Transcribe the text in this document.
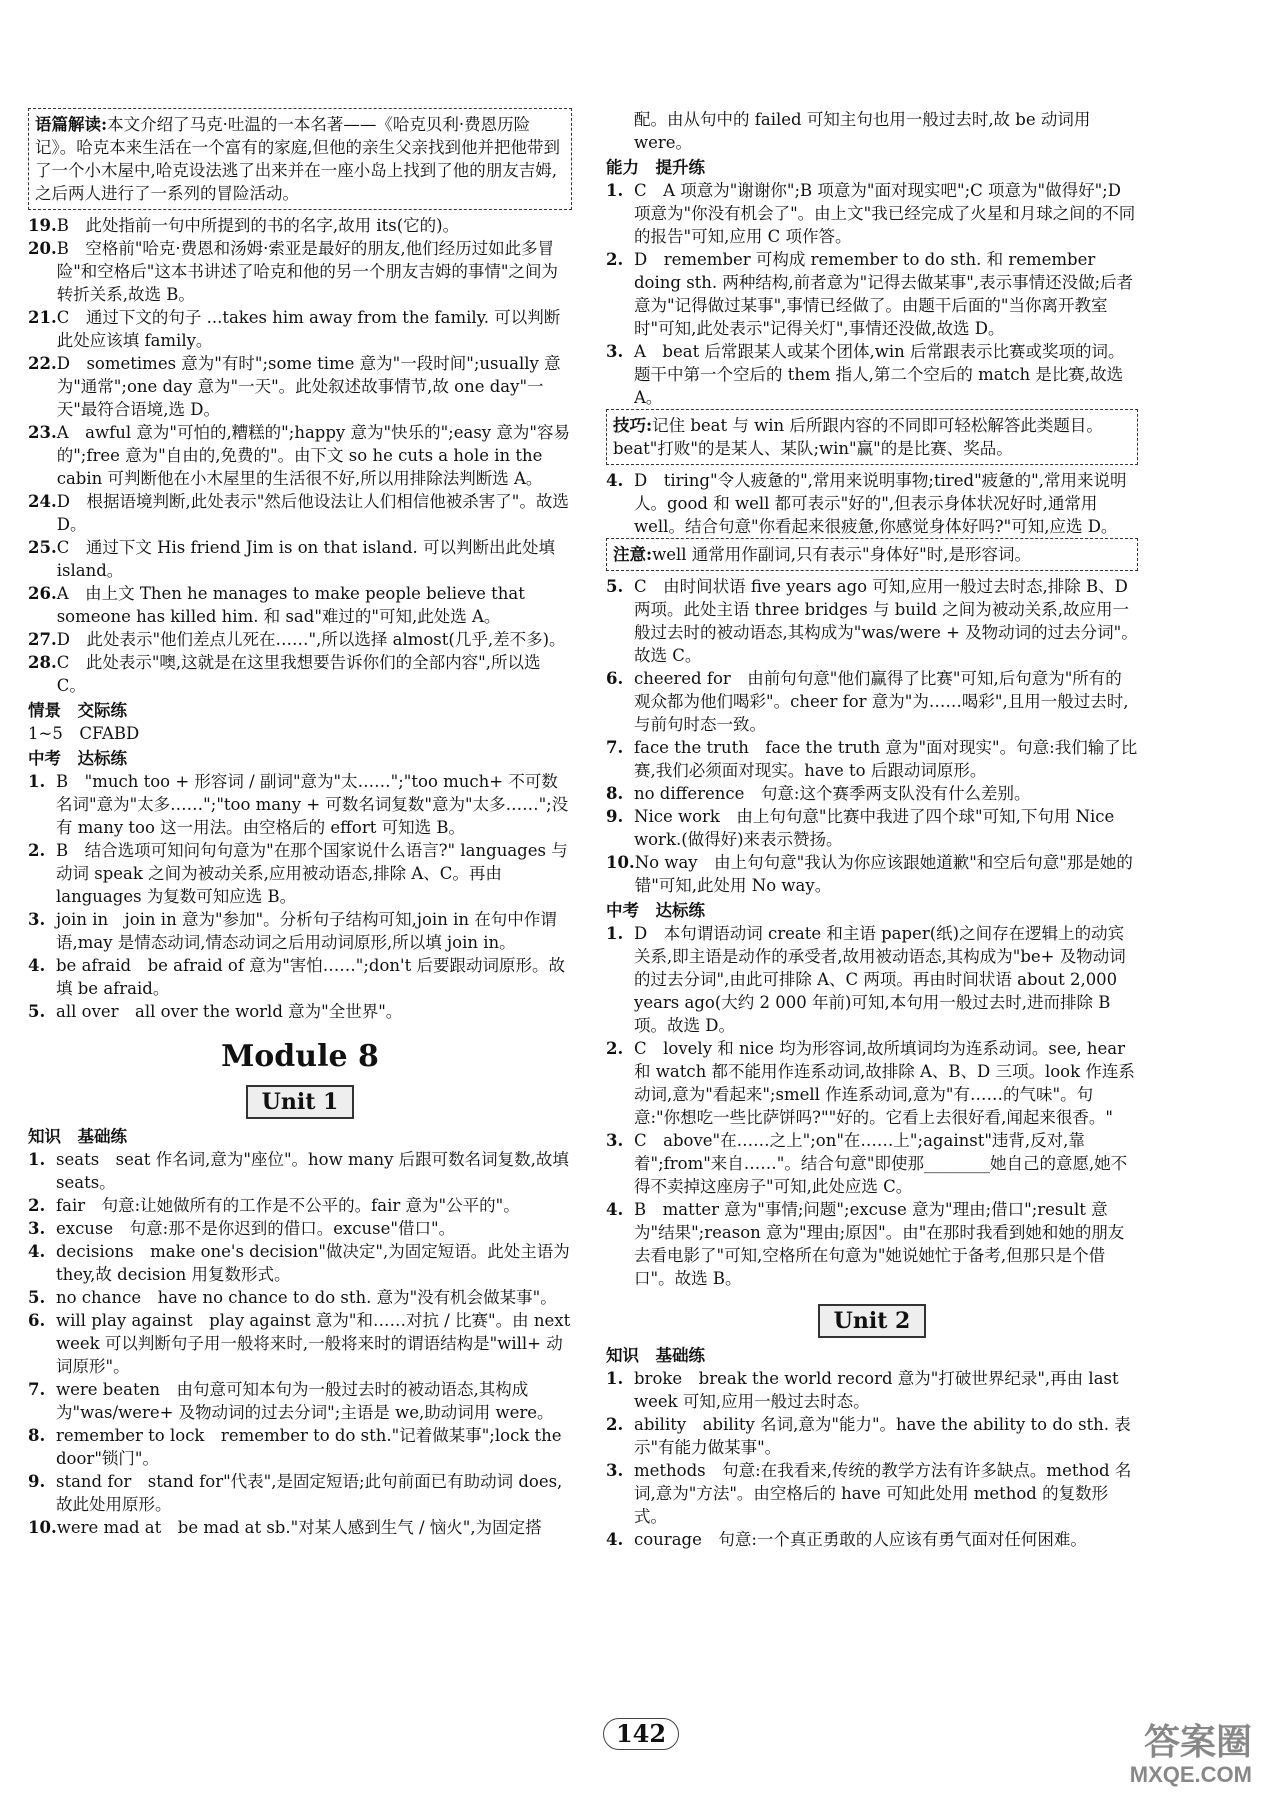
语篇解读:本文介绍了马克·吐温的一本名著——《哈克贝利·费恩历险记》。哈克本来生活在一个富有的家庭,但他的亲生父亲找到他并把他带到了一个小木屋中,哈克设法逃了出来并在一座小岛上找到了他的朋友吉姆,之后两人进行了一系列的冒险活动。
19. B　此处指前一句中所提到的书的名字,故用 its(它的)。
20. B　空格前"哈克·费恩和汤姆·索亚是最好的朋友,他们经历过如此多冒险"和空格后"这本书讲述了哈克和他的另一个朋友吉姆的事情"之间为转折关系,故选 B。
21. C　通过下文的句子 ...takes him away from the family. 可以判断此处应该填 family。
22. D　sometimes 意为"有时";some time 意为"一段时间";usually 意为"通常";one day 意为"一天"。此处叙述故事情节,故 one day"一天"最符合语境,选 D。
23. A　awful 意为"可怕的,糟糕的";happy 意为"快乐的";easy 意为"容易的";free 意为"自由的,免费的"。由下文 so he cuts a hole in the cabin 可判断他在小木屋里的生活很不好,所以用排除法判断选 A。
24. D　根据语境判断,此处表示"然后他设法让人们相信他被杀害了"。故选 D。
25. C　通过下文 His friend Jim is on that island. 可以判断出此处填 island。
26. A　由上文 Then he manages to make people believe that someone has killed him. 和 sad"难过的"可知,此处选 A。
27. D　此处表示"他们差点儿死在……",所以选择 almost(几乎,差不多)。
28. C　此处表示"噢,这就是在这里我想要告诉你们的全部内容",所以选 C。
情景　交际练
1~5　CFABD
中考　达标练
1. B　"much too + 形容词 / 副词"意为"太……";"too much+ 不可数名词"意为"太多……";"too many + 可数名词复数"意为"太多……";没有 many too 这一用法。由空格后的 effort 可知选 B。
2. B　结合选项可知问句句意为"在那个国家说什么语言?" languages 与动词 speak 之间为被动关系,应用被动语态,排除 A、C。再由 languages 为复数可知应选 B。
3. join in　join in 意为"参加"。分析句子结构可知,join in 在句中作谓语,may 是情态动词,情态动词之后用动词原形,所以填 join in。
4. be afraid　be afraid of 意为"害怕……";don't 后要跟动词原形。故填 be afraid。
5. all over　all over the world 意为"全世界"。
Module 8
Unit 1
知识　基础练
1. seats　seat 作名词,意为"座位"。how many 后跟可数名词复数,故填 seats。
2. fair　句意:让她做所有的工作是不公平的。fair 意为"公平的"。
3. excuse　句意:那不是你迟到的借口。excuse"借口"。
4. decisions　make one's decision"做决定",为固定短语。此处主语为 they,故 decision 用复数形式。
5. no chance　have no chance to do sth. 意为"没有机会做某事"。
6. will play against　play against 意为"和……对抗 / 比赛"。由 next week 可以判断句子用一般将来时,一般将来时的谓语结构是"will+ 动词原形"。
7. were beaten　由句意可知本句为一般过去时的被动语态,其构成为"was/were+ 及物动词的过去分词";主语是 we,助动词用 were。
8. remember to lock　remember to do sth."记着做某事";lock the door"锁门"。
9. stand for　stand for"代表",是固定短语;此句前面已有助动词 does,故此处用原形。
10. were mad at　be mad at sb."对某人感到生气 / 恼火",为固定搭
配。由从句中的 failed 可知主句也用一般过去时,故 be 动词用 were。
能力　提升练
1. C　A 项意为"谢谢你";B 项意为"面对现实吧";C 项意为"做得好";D 项意为"你没有机会了"。由上文"我已经完成了火星和月球之间的不同的报告"可知,应用 C 项作答。
2. D　remember 可构成 remember to do sth. 和 remember doing sth. 两种结构,前者意为"记得去做某事",表示事情还没做;后者意为"记得做过某事",事情已经做了。由题干后面的"当你离开教室时"可知,此处表示"记得关灯",事情还没做,故选 D。
3. A　beat 后常跟某人或某个团体,win 后常跟表示比赛或奖项的词。题干中第一个空后的 them 指人,第二个空后的 match 是比赛,故选 A。
技巧:记住 beat 与 win 后所跟内容的不同即可轻松解答此类题目。beat"打败"的是某人、某队;win"赢"的是比赛、奖品。
4. D　tiring"令人疲惫的",常用来说明事物;tired"疲惫的",常用来说明人。good 和 well 都可表示"好的",但表示身体状况好时,通常用 well。结合句意"你看起来很疲惫,你感觉身体好吗?"可知,应选 D。
注意:well 通常用作副词,只有表示"身体好"时,是形容词。
5. C　由时间状语 five years ago 可知,应用一般过去时态,排除 B、D 两项。此处主语 three bridges 与 build 之间为被动关系,故应用一般过去时的被动语态,其构成为"was/were + 及物动词的过去分词"。故选 C。
6. cheered for　由前句句意"他们赢得了比赛"可知,后句意为"所有的观众都为他们喝彩"。cheer for 意为"为……喝彩",且用一般过去时,与前句时态一致。
7. face the truth　face the truth 意为"面对现实"。句意:我们输了比赛,我们必须面对现实。have to 后跟动词原形。
8. no difference　句意:这个赛季两支队没有什么差别。
9. Nice work　由上句句意"比赛中我进了四个球"可知,下句用 Nice work.(做得好)来表示赞扬。
10. No way　由上句句意"我认为你应该跟她道歉"和空后句意"那是她的错"可知,此处用 No way。
中考　达标练
1. D　本句谓语动词 create 和主语 paper(纸)之间存在逻辑上的动宾关系,即主语是动作的承受者,故用被动语态,其构成为"be+ 及物动词的过去分词",由此可排除 A、C 两项。再由时间状语 about 2,000 years ago(大约 2 000 年前)可知,本句用一般过去时,进而排除 B 项。故选 D。
2. C　lovely 和 nice 均为形容词,故所填词均为连系动词。see, hear 和 watch 都不能用作连系动词,故排除 A、B、D 三项。look 作连系动词,意为"看起来";smell 作连系动词,意为"有……的气味"。句意:"你想吃一些比萨饼吗?""好的。它看上去很好看,闻起来很香。"
3. C　above"在……之上";on"在……上";against"违背,反对,靠着";from"来自……"。结合句意"即使那________她自己的意愿,她不得不卖掉这座房子"可知,此处应选 C。
4. B　matter 意为"事情;问题";excuse 意为"理由;借口";result 意为"结果";reason 意为"理由;原因"。由"在那时我看到她和她的朋友去看电影了"可知,空格所在句意为"她说她忙于备考,但那只是个借口"。故选 B。
Unit 2
知识　基础练
1. broke　break the world record 意为"打破世界纪录",再由 last week 可知,应用一般过去时态。
2. ability　ability 名词,意为"能力"。have the ability to do sth. 表示"有能力做某事"。
3. methods　句意:在我看来,传统的教学方法有许多缺点。method 名词,意为"方法"。由空格后的 have 可知此处用 method 的复数形式。
4. courage　句意:一个真正勇敢的人应该有勇气面对任何困难。
142	答案圈
MXQE.COM
